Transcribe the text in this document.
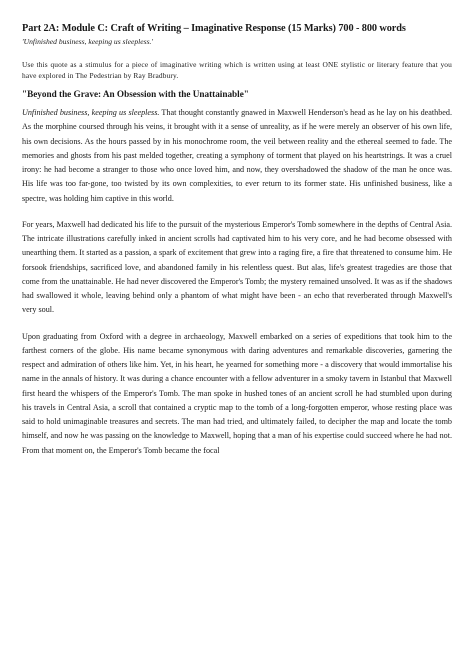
Part 2A: Module C: Craft of Writing – Imaginative Response (15 Marks) 700 - 800 words

'Unfinished business, keeping us sleepless.'

Use this quote as a stimulus for a piece of imaginative writing which is written using at least ONE stylistic or literary feature that you have explored in The Pedestrian by Ray Bradbury.

"Beyond the Grave: An Obsession with the Unattainable"

Unfinished business, keeping us sleepless. That thought constantly gnawed in Maxwell Henderson's head as he lay on his deathbed. As the morphine coursed through his veins, it brought with it a sense of unreality, as if he were merely an observer of his own life, his own decisions. As the hours passed by in his monochrome room, the veil between reality and the ethereal seemed to fade. The memories and ghosts from his past melded together, creating a symphony of torment that played on his heartstrings. It was a cruel irony: he had become a stranger to those who once loved him, and now, they overshadowed the shadow of the man he once was. His life was too far-gone, too twisted by its own complexities, to ever return to its former state. His unfinished business, like a spectre, was holding him captive in this world.

For years, Maxwell had dedicated his life to the pursuit of the mysterious Emperor's Tomb somewhere in the depths of Central Asia. The intricate illustrations carefully inked in ancient scrolls had captivated him to his very core, and he had become obsessed with unearthing them. It started as a passion, a spark of excitement that grew into a raging fire, a fire that threatened to consume him. He forsook friendships, sacrificed love, and abandoned family in his relentless quest. But alas, life's greatest tragedies are those that come from the unattainable. He had never discovered the Emperor's Tomb; the mystery remained unsolved. It was as if the shadows had swallowed it whole, leaving behind only a phantom of what might have been - an echo that reverberated through Maxwell's very soul.

Upon graduating from Oxford with a degree in archaeology, Maxwell embarked on a series of expeditions that took him to the farthest corners of the globe. His name became synonymous with daring adventures and remarkable discoveries, garnering the respect and admiration of others like him. Yet, in his heart, he yearned for something more - a discovery that would immortalise his name in the annals of history. It was during a chance encounter with a fellow adventurer in a smoky tavern in Istanbul that Maxwell first heard the whispers of the Emperor's Tomb. The man spoke in hushed tones of an ancient scroll he had stumbled upon during his travels in Central Asia, a scroll that contained a cryptic map to the tomb of a long-forgotten emperor, whose resting place was said to hold unimaginable treasures and secrets. The man had tried, and ultimately failed, to decipher the map and locate the tomb himself, and now he was passing on the knowledge to Maxwell, hoping that a man of his expertise could succeed where he had not. From that moment on, the Emperor's Tomb became the focal
